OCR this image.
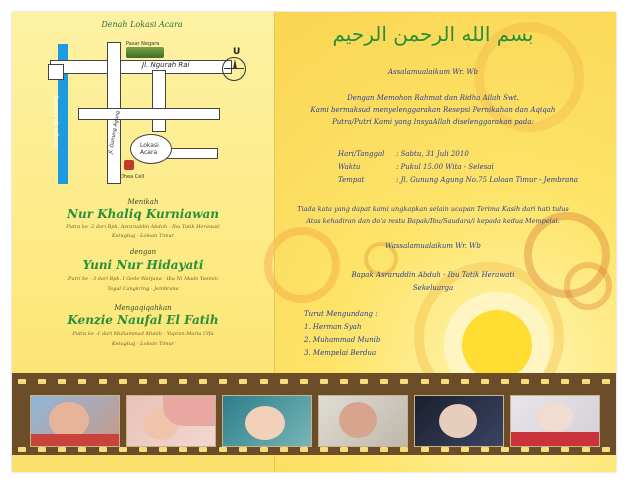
Denah Lokasi Acara
Sungai Ijo Gading
Jl. Ngurah Rai
Jl. Gunung Agung
Pasar Negara
U
Lokasi
Acara
Dhea Cell
Menikah
Nur Khaliq Kurniawan
Putra ke -2 dari Bpk. Asraruddin Abduh - Ibu Tatik Herawati
Ketugtug - Loloan Timur
dengan
Yuni Nur Hidayati
Putri ke - 3 dari Bpk. I Gede Warjana - Ibu Ni Made Yasmin
Tegal Cangkring - Jembrana
Mengaqiqahkan
Kenzie Naufal El Fatih
Putra ke -1 dari Muhammad Munib - Yupran Maria Ulfa
Ketugtug - Loloan Timur
بسم الله الرحمن الرحيم
Assalamualaikum Wr. Wb
Dengan Memohon Rahmat dan Ridha Allah Swt.
Kami bermaksud menyelenggarakan Resepsi Pernikahan dan Aqiqah
Putra/Putri Kami yang InsyaAllah diselenggarakan pada:
Hari/Tanggal : Sabtu, 31 Juli 2010
Waktu	: Pukul 15.00 Wita - Selesai
Tempat	: Jl. Gunung Agung No.75 Loloan Timur - Jembrana
Tiada kata yang dapat kami ungkapkan selain ucapan Terima Kasih dari hati tulus
Atas kehadiran dan do'a restu Bapak/Ibu/Saudara/i kepada kedua Mempelai.
Wassalamualaikum Wr. Wb
Bapak Asraruddin Abduh - Ibu Tatik Herawati
Sekeluarga
Turut Mengundang :
1. Herman Syah
2. Muhammad Munib
3. Mempelai Berdua
